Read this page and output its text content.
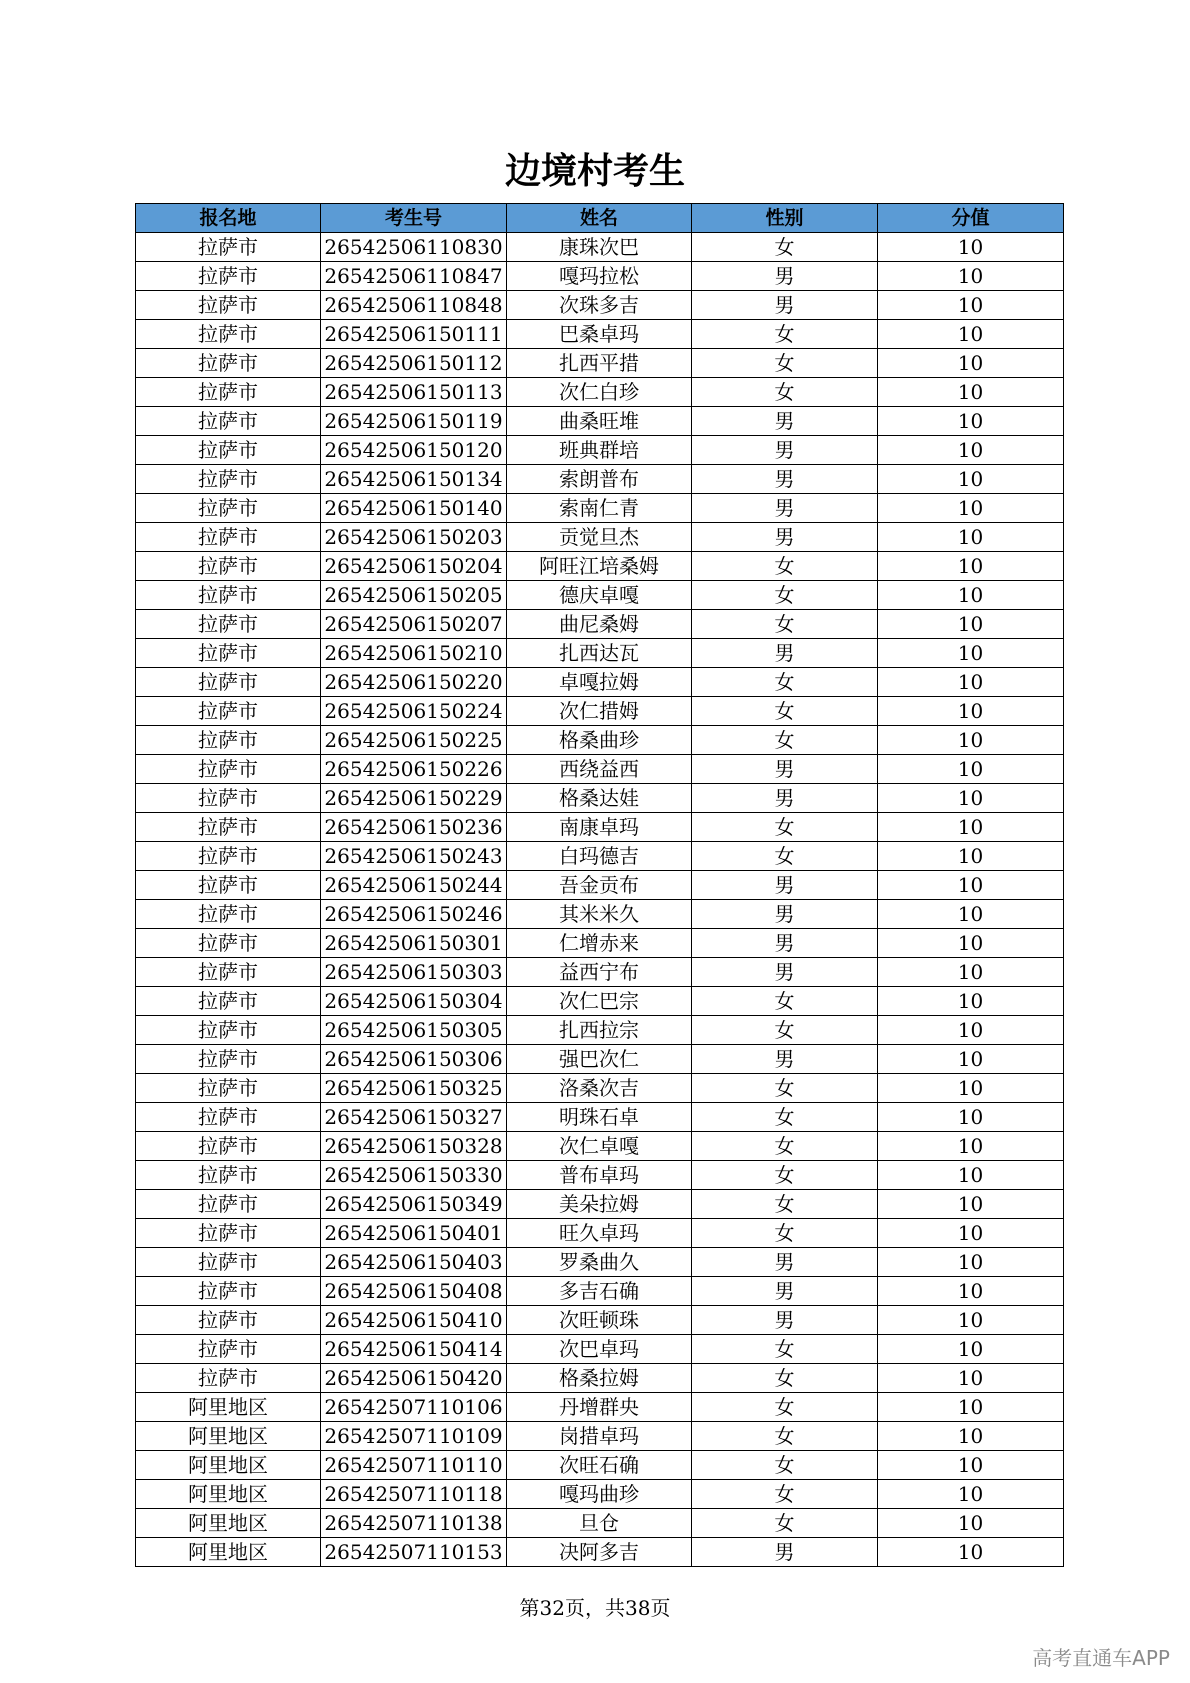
边境村考生
报名地	考生号	姓名	性别	分值
拉萨市	26542506110830	康珠次巴	女	10
拉萨市	26542506110847	嘎玛拉松	男	10
拉萨市	26542506110848	次珠多吉	男	10
拉萨市	26542506150111	巴桑卓玛	女	10
拉萨市	26542506150112	扎西平措	女	10
拉萨市	26542506150113	次仁白珍	女	10
拉萨市	26542506150119	曲桑旺堆	男	10
拉萨市	26542506150120	班典群培	男	10
拉萨市	26542506150134	索朗普布	男	10
拉萨市	26542506150140	索南仁青	男	10
拉萨市	26542506150203	贡觉旦杰	男	10
拉萨市	26542506150204	阿旺江培桑姆	女	10
拉萨市	26542506150205	德庆卓嘎	女	10
拉萨市	26542506150207	曲尼桑姆	女	10
拉萨市	26542506150210	扎西达瓦	男	10
拉萨市	26542506150220	卓嘎拉姆	女	10
拉萨市	26542506150224	次仁措姆	女	10
拉萨市	26542506150225	格桑曲珍	女	10
拉萨市	26542506150226	西绕益西	男	10
拉萨市	26542506150229	格桑达娃	男	10
拉萨市	26542506150236	南康卓玛	女	10
拉萨市	26542506150243	白玛德吉	女	10
拉萨市	26542506150244	吾金贡布	男	10
拉萨市	26542506150246	其米米久	男	10
拉萨市	26542506150301	仁增赤来	男	10
拉萨市	26542506150303	益西宁布	男	10
拉萨市	26542506150304	次仁巴宗	女	10
拉萨市	26542506150305	扎西拉宗	女	10
拉萨市	26542506150306	强巴次仁	男	10
拉萨市	26542506150325	洛桑次吉	女	10
拉萨市	26542506150327	明珠石卓	女	10
拉萨市	26542506150328	次仁卓嘎	女	10
拉萨市	26542506150330	普布卓玛	女	10
拉萨市	26542506150349	美朵拉姆	女	10
拉萨市	26542506150401	旺久卓玛	女	10
拉萨市	26542506150403	罗桑曲久	男	10
拉萨市	26542506150408	多吉石确	男	10
拉萨市	26542506150410	次旺顿珠	男	10
拉萨市	26542506150414	次巴卓玛	女	10
拉萨市	26542506150420	格桑拉姆	女	10
阿里地区	26542507110106	丹增群央	女	10
阿里地区	26542507110109	岗措卓玛	女	10
阿里地区	26542507110110	次旺石确	女	10
阿里地区	26542507110118	嘎玛曲珍	女	10
阿里地区	26542507110138	旦仓	女	10
阿里地区	26542507110153	决阿多吉	男	10
第32页，共38页
高考直通车APP
